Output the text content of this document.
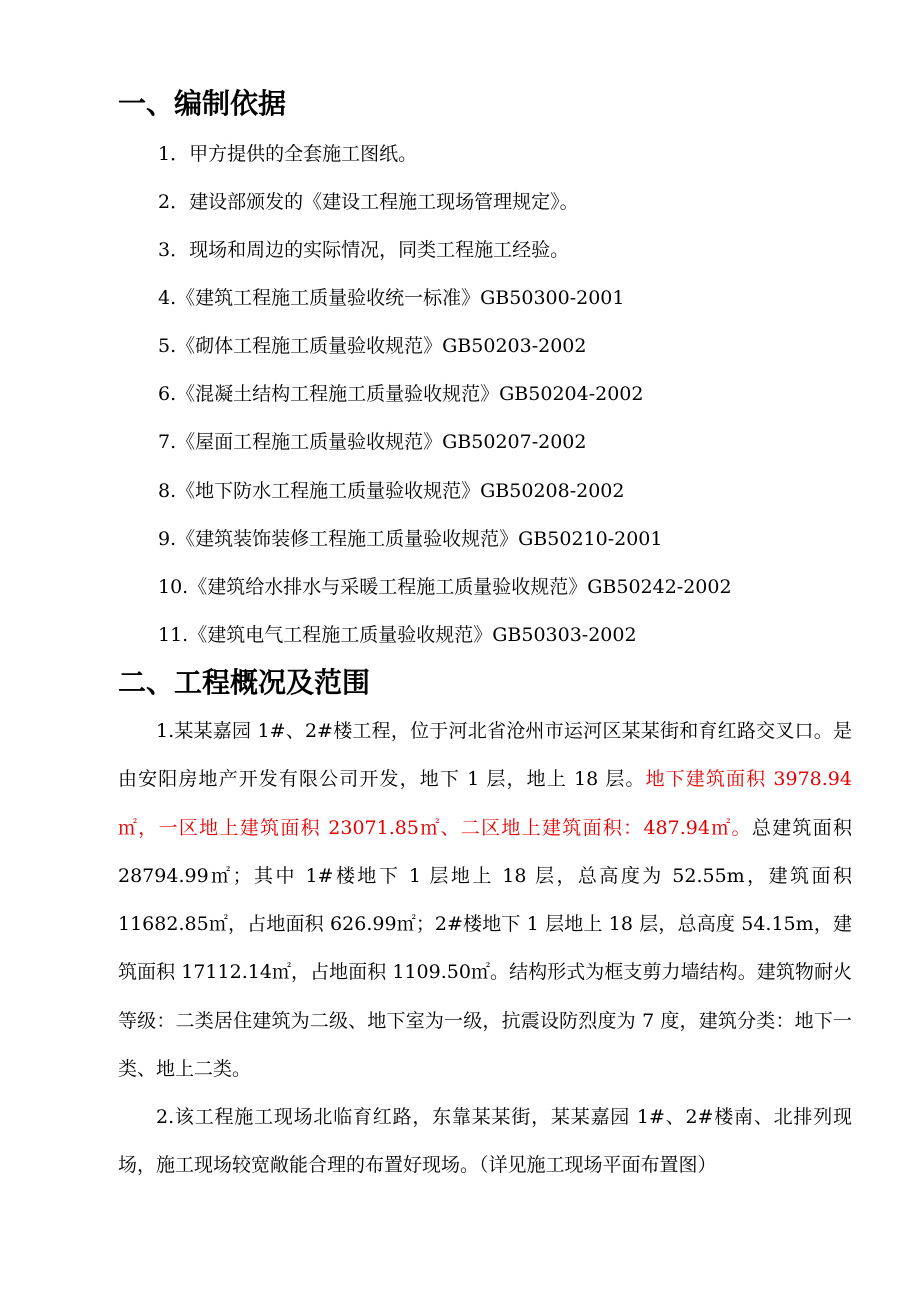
一、编制依据

1．甲方提供的全套施工图纸。

2．建设部颁发的《建设工程施工现场管理规定》。

3．现场和周边的实际情况，同类工程施工经验。

4.《建筑工程施工质量验收统一标准》GB50300-2001

5.《砌体工程施工质量验收规范》GB50203-2002

6.《混凝土结构工程施工质量验收规范》GB50204-2002

7.《屋面工程施工质量验收规范》GB50207-2002

8.《地下防水工程施工质量验收规范》GB50208-2002

9.《建筑装饰装修工程施工质量验收规范》GB50210-2001

10.《建筑给水排水与采暖工程施工质量验收规范》GB50242-2002

11.《建筑电气工程施工质量验收规范》GB50303-2002

二、工程概况及范围

1.某某嘉园 1#、2#楼工程，位于河北省沧州市运河区某某街和育红路交叉口。是由安阳房地产开发有限公司开发，地下 1 层，地上 18 层。地下建筑面积 3978.94㎡，一区地上建筑面积 23071.85㎡、二区地上建筑面积：487.94㎡。总建筑面积 28794.99㎡；其中 1#楼地下 1 层地上 18 层，总高度为 52.55m，建筑面积 11682.85㎡，占地面积 626.99㎡；2#楼地下 1 层地上 18 层，总高度 54.15m，建筑面积 17112.14㎡，占地面积 1109.50㎡。结构形式为框支剪力墙结构。建筑物耐火等级：二类居住建筑为二级、地下室为一级，抗震设防烈度为 7 度，建筑分类：地下一类、地上二类。

2.该工程施工现场北临育红路，东靠某某街，某某嘉园 1#、2#楼南、北排列现场，施工现场较宽敞能合理的布置好现场。（详见施工现场平面布置图）
